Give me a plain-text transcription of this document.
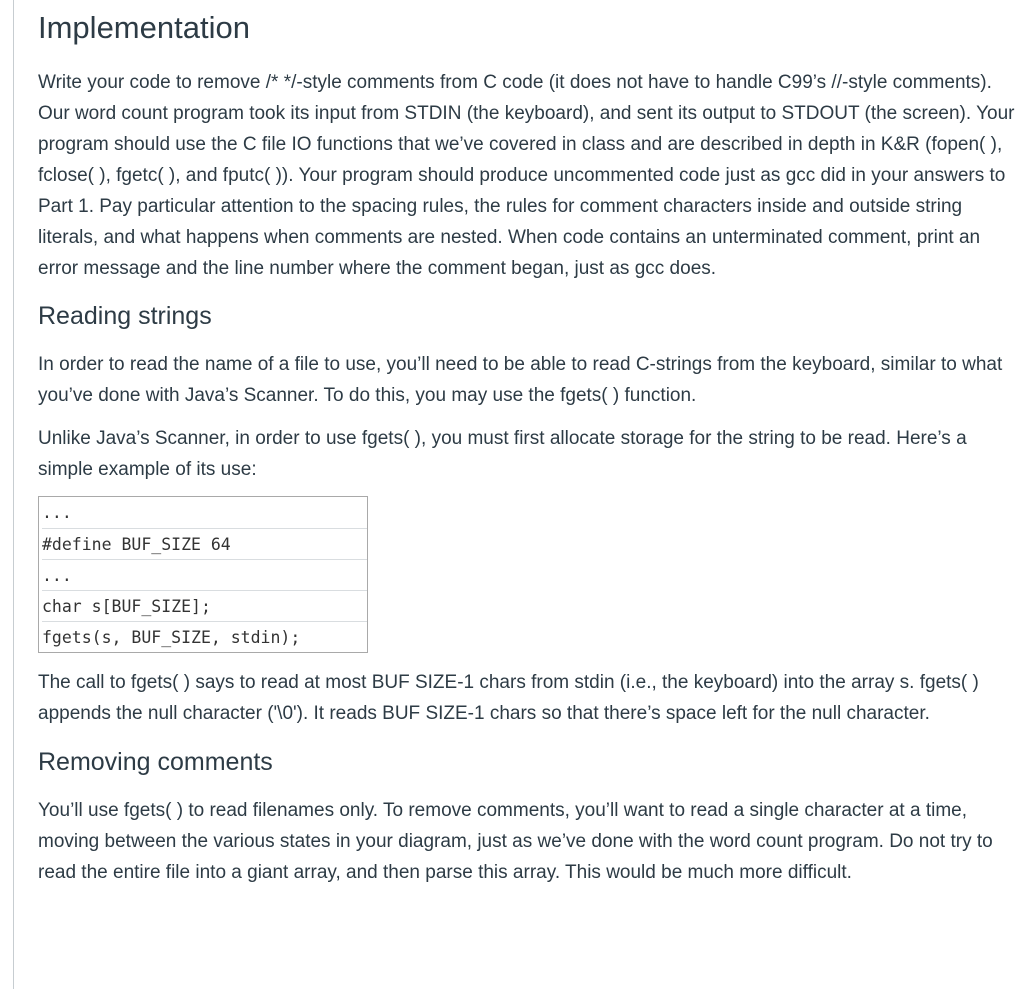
Implementation

Write your code to remove /* */-style comments from C code (it does not have to handle C99’s //-style comments). Our word count program took its input from STDIN (the keyboard), and sent its output to STDOUT (the screen). Your program should use the C file IO functions that we’ve covered in class and are described in depth in K&R (fopen( ), fclose( ), fgetc( ), and fputc( )). Your program should produce uncommented code just as gcc did in your answers to Part 1. Pay particular attention to the spacing rules, the rules for comment characters inside and outside string literals, and what happens when comments are nested. When code contains an unterminated comment, print an error message and the line number where the comment began, just as gcc does.

Reading strings

In order to read the name of a file to use, you’ll need to be able to read C-strings from the keyboard, similar to what you’ve done with Java’s Scanner. To do this, you may use the fgets( ) function.

Unlike Java’s Scanner, in order to use fgets( ), you must first allocate storage for the string to be read. Here’s a simple example of its use:

...
#define BUF_SIZE 64
...
char s[BUF_SIZE];
fgets(s, BUF_SIZE, stdin);

The call to fgets( ) says to read at most BUF SIZE-1 chars from stdin (i.e., the keyboard) into the array s. fgets( ) appends the null character ('\0'). It reads BUF SIZE-1 chars so that there’s space left for the null character.

Removing comments

You’ll use fgets( ) to read filenames only. To remove comments, you’ll want to read a single character at a time, moving between the various states in your diagram, just as we’ve done with the word count program. Do not try to read the entire file into a giant array, and then parse this array. This would be much more difficult.
